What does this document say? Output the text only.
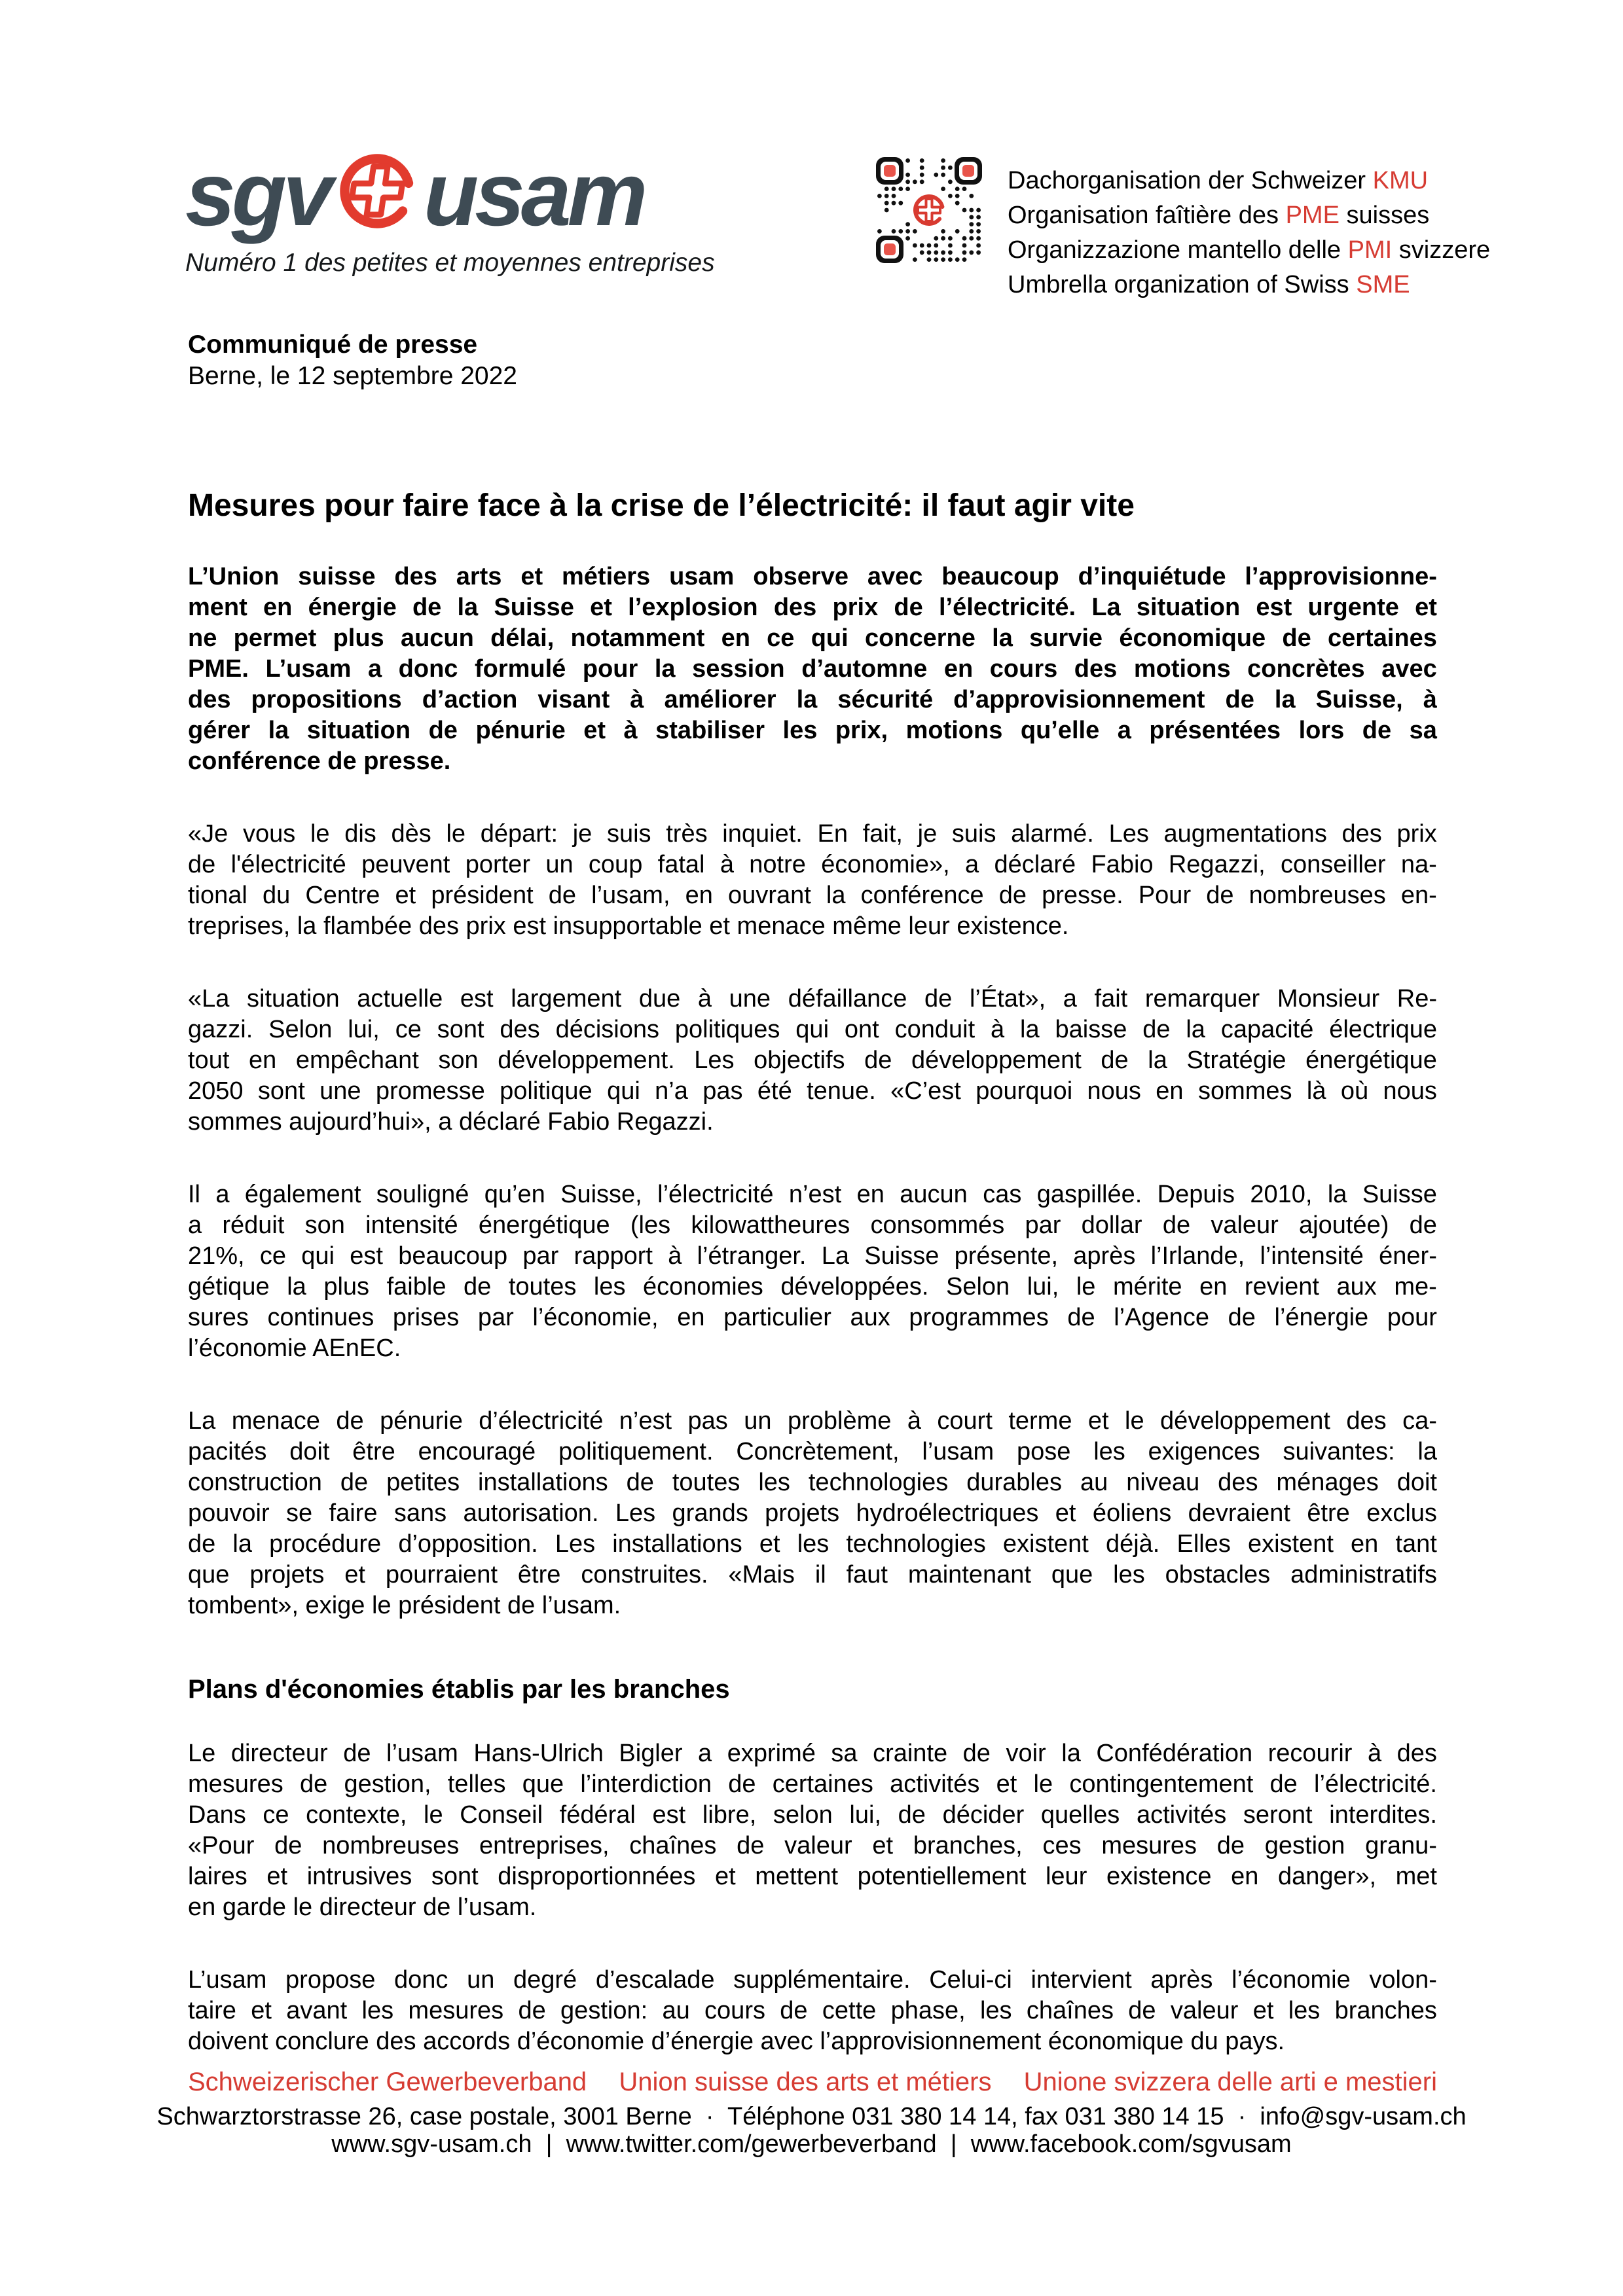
sgv usam
Numéro 1 des petites et moyennes entreprises
Dachorganisation der Schweizer KMU
Organisation faîtière des PME suisses
Organizzazione mantello delle PMI svizzere
Umbrella organization of Swiss SME
Communiqué de presse
Berne, le 12 septembre 2022
Mesures pour faire face à la crise de l’électricité: il faut agir vite
L’Union suisse des arts et métiers usam observe avec beaucoup d’inquiétude l’approvisionne-
ment en énergie de la Suisse et l’explosion des prix de l’électricité. La situation est urgente et
ne permet plus aucun délai, notamment en ce qui concerne la survie économique de certaines
PME. L’usam a donc formulé pour la session d’automne en cours des motions concrètes avec
des propositions d’action visant à améliorer la sécurité d’approvisionnement de la Suisse, à
gérer la situation de pénurie et à stabiliser les prix, motions qu’elle a présentées lors de sa
conférence de presse.
«Je vous le dis dès le départ: je suis très inquiet. En fait, je suis alarmé. Les augmentations des prix
de l'électricité peuvent porter un coup fatal à notre économie», a déclaré Fabio Regazzi, conseiller na-
tional du Centre et président de l’usam, en ouvrant la conférence de presse. Pour de nombreuses en-
treprises, la flambée des prix est insupportable et menace même leur existence.
«La situation actuelle est largement due à une défaillance de l’État», a fait remarquer Monsieur Re-
gazzi. Selon lui, ce sont des décisions politiques qui ont conduit à la baisse de la capacité électrique
tout en empêchant son développement. Les objectifs de développement de la Stratégie énergétique
2050 sont une promesse politique qui n’a pas été tenue. «C’est pourquoi nous en sommes là où nous
sommes aujourd’hui», a déclaré Fabio Regazzi.
Il a également souligné qu’en Suisse, l’électricité n’est en aucun cas gaspillée. Depuis 2010, la Suisse
a réduit son intensité énergétique (les kilowattheures consommés par dollar de valeur ajoutée) de
21%, ce qui est beaucoup par rapport à l’étranger. La Suisse présente, après l’Irlande, l’intensité éner-
gétique la plus faible de toutes les économies développées. Selon lui, le mérite en revient aux me-
sures continues prises par l’économie, en particulier aux programmes de l’Agence de l’énergie pour
l’économie AEnEC.
La menace de pénurie d’électricité n’est pas un problème à court terme et le développement des ca-
pacités doit être encouragé politiquement. Concrètement, l’usam pose les exigences suivantes: la
construction de petites installations de toutes les technologies durables au niveau des ménages doit
pouvoir se faire sans autorisation. Les grands projets hydroélectriques et éoliens devraient être exclus
de la procédure d’opposition. Les installations et les technologies existent déjà. Elles existent en tant
que projets et pourraient être construites. «Mais il faut maintenant que les obstacles administratifs
tombent», exige le président de l’usam.
Plans d'économies établis par les branches
Le directeur de l’usam Hans-Ulrich Bigler a exprimé sa crainte de voir la Confédération recourir à des
mesures de gestion, telles que l’interdiction de certaines activités et le contingentement de l’électricité.
Dans ce contexte, le Conseil fédéral est libre, selon lui, de décider quelles activités seront interdites.
«Pour de nombreuses entreprises, chaînes de valeur et branches, ces mesures de gestion granu-
laires et intrusives sont disproportionnées et mettent potentiellement leur existence en danger», met
en garde le directeur de l’usam.
L’usam propose donc un degré d’escalade supplémentaire. Celui-ci intervient après l’économie volon-
taire et avant les mesures de gestion: au cours de cette phase, les chaînes de valeur et les branches
doivent conclure des accords d’économie d’énergie avec l’approvisionnement économique du pays.
Schweizerischer Gewerbeverband Union suisse des arts et métiers Unione svizzera delle arti e mestieri
Schwarztorstrasse 26, case postale, 3001 Berne  ·  Téléphone 031 380 14 14, fax 031 380 14 15  ·  info@sgv-usam.ch
www.sgv-usam.ch  |  www.twitter.com/gewerbeverband  |  www.facebook.com/sgvusam
